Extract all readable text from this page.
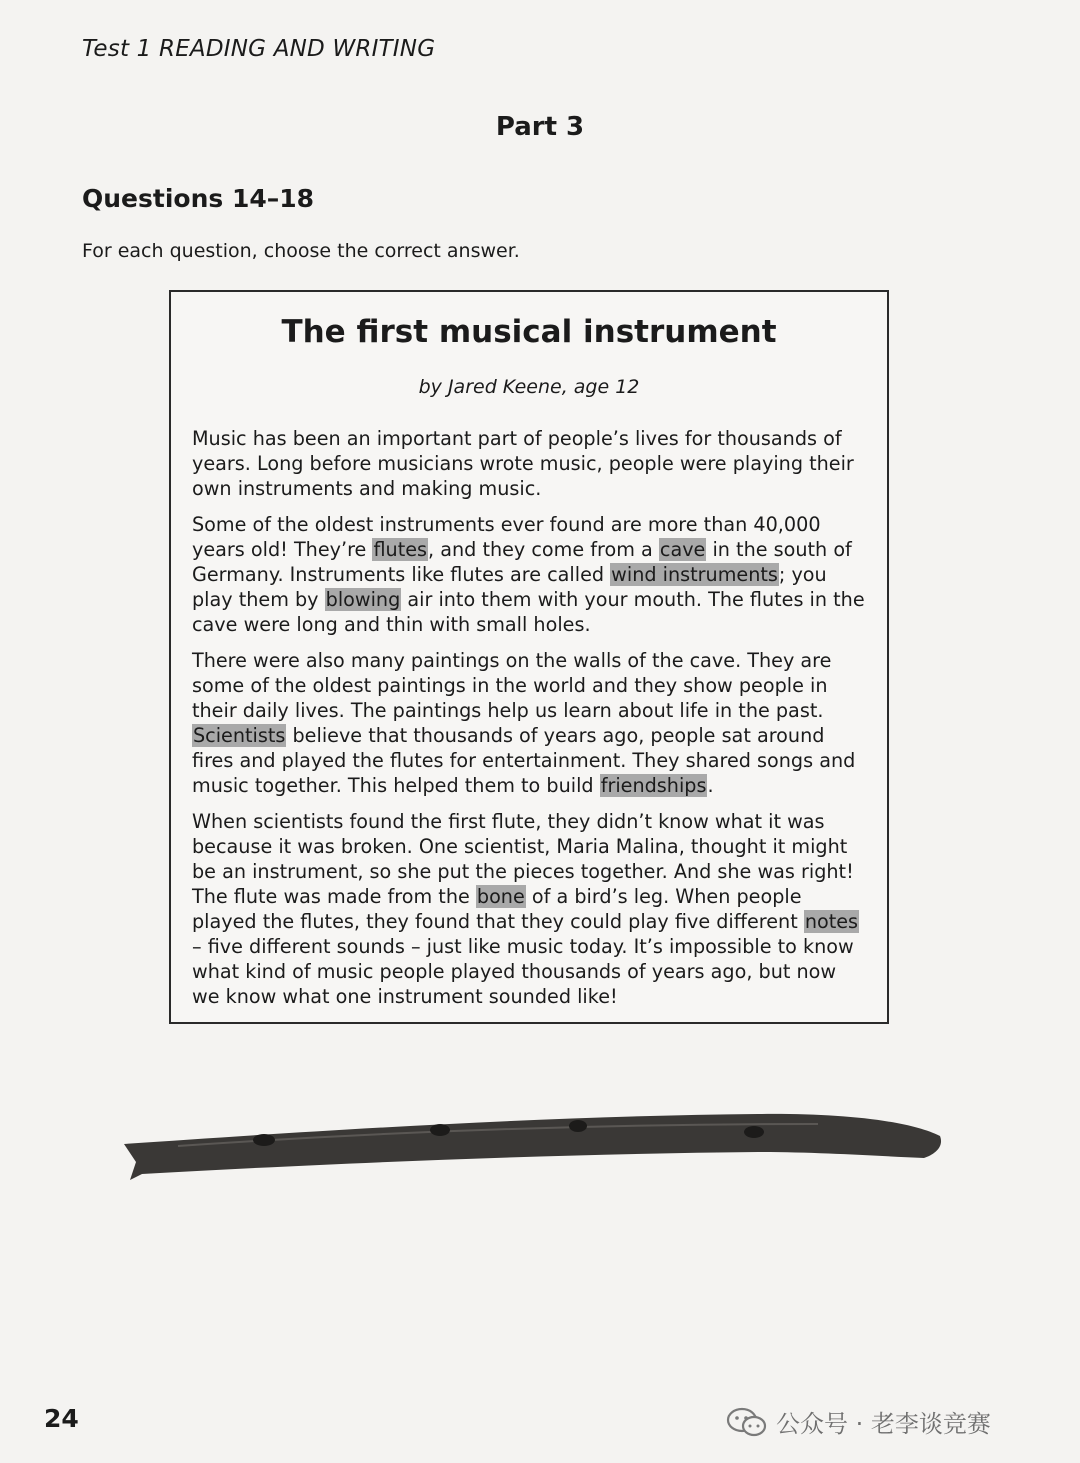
Test 1 READING AND WRITING
Part 3
Questions 14–18
For each question, choose the correct answer.
The first musical instrument
by Jared Keene, age 12

Music has been an important part of people’s lives for thousands of years. Long before musicians wrote music, people were playing their own instruments and making music.

Some of the oldest instruments ever found are more than 40,000 years old! They’re flutes, and they come from a cave in the south of Germany. Instruments like flutes are called wind instruments; you play them by blowing air into them with your mouth. The flutes in the cave were long and thin with small holes.

There were also many paintings on the walls of the cave. They are some of the oldest paintings in the world and they show people in their daily lives. The paintings help us learn about life in the past. Scientists believe that thousands of years ago, people sat around fires and played the flutes for entertainment. They shared songs and music together. This helped them to build friendships.

When scientists found the first flute, they didn’t know what it was because it was broken. One scientist, Maria Malina, thought it might be an instrument, so she put the pieces together. And she was right! The flute was made from the bone of a bird’s leg. When people played the flutes, they found that they could play five different notes – five different sounds – just like music today. It’s impossible to know what kind of music people played thousands of years ago, but now we know what one instrument sounded like!

24	公众号 · 老李谈竞赛
